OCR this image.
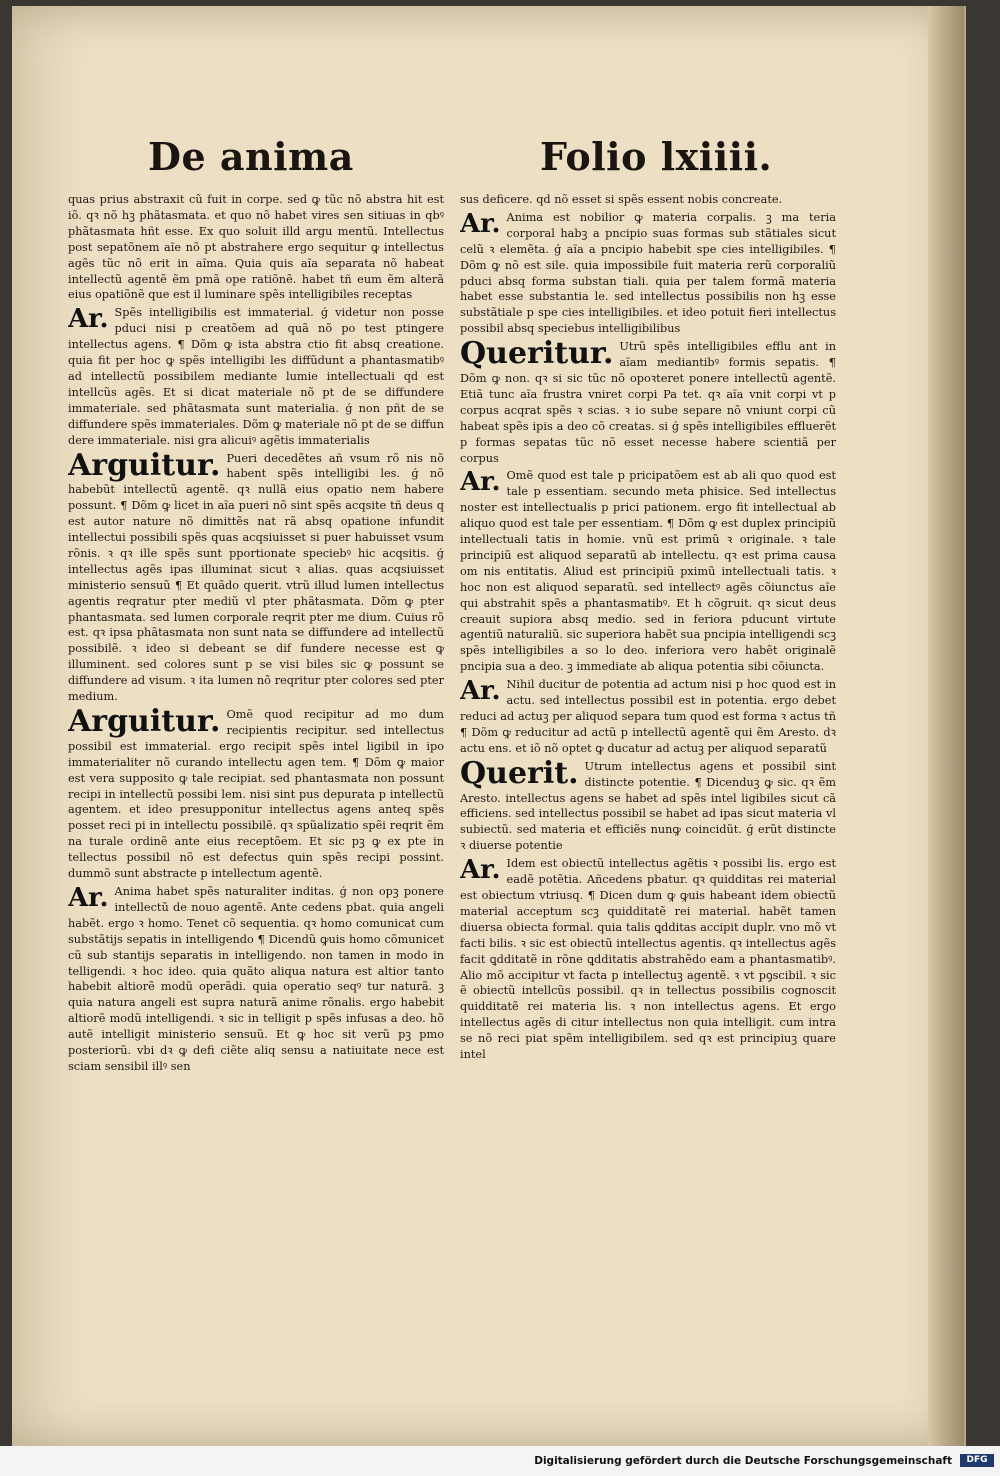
De anima	Folio lxiiii.

quas prius abstraxit cũ fuit in corpe. sed ꝙ tũc nõ abstra hit est iõ. qꝛ nõ hꝫ phãtasmata. et quo nõ habet vires sen sitiuas in qbꝰ phãtasmata hñt esse. Ex quo soluit illd argu mentũ. Intellectus post sepatõnem aĩe nõ pt abstrahere ergo sequitur ꝙ intellectus agẽs tũc nõ erit in aĩma. Quia quis aĩa separata nõ habeat intellectũ agentẽ ẽm pmã ope ratiõnẽ. habet tñ eum ẽm alterã eius opatiõnẽ que est il luminare spẽs intelligibiles receptas

Ar. Spẽs intelligibilis est immaterial. ǵ videtur non posse pduci nisi p creatõem ad quã nõ po test ptingere intellectus agens. ¶ Dõm ꝙ ista abstra ctio fit absq creatione. quia fit per hoc ꝙ spẽs intelligibi les diffũdunt a phantasmatibꝰ ad intellectũ possibilem mediante lumie intellectuali qd est intellcũs agẽs. Et si dicat materiale nõ pt de se diffundere immateriale. sed phãtasmata sunt materialia. ǵ non pñt de se diffundere spẽs immateriales. Dõm ꝙ materiale nõ pt de se diffun dere immateriale. nisi gra alicuiꝰ agẽtis immaterialis

Arguitur. Pueri decedẽtes añ vsum rõ nis nõ habent spẽs intelligibi les. ǵ nõ habebũt intellectũ agentẽ. qꝛ nullã eius opatio nem habere possunt. ¶ Dõm ꝙ licet in aĩa pueri nõ sint spẽs acqsite tñ deus q est autor nature nõ dimittẽs nat rã absq opatione infundit intellectui possibili spẽs quas acqsiuisset si puer habuisset vsum rõnis. ꝛ qꝛ ille spẽs sunt pportionate speciebꝰ hic acqsitis. ǵ intellectus agẽs ipas illuminat sicut ꝛ alias. quas acqsiuisset ministerio sensuũ ¶ Et quãdo querit. vtrũ illud lumen intellectus agentis reqratur pter mediũ vl pter phãtasmata. Dõm ꝙ pter phantasmata. sed lumen corporale reqrit pter me dium. Cuius rõ est. qꝛ ipsa phãtasmata non sunt nata se diffundere ad intellectũ possibilẽ. ꝛ ideo si debeant se dif fundere necesse est ꝙ illuminent. sed colores sunt p se visi biles sic ꝙ possunt se diffundere ad visum. ꝛ ita lumen nõ reqritur pter colores sed pter medium.

Arguitur. Omẽ quod recipitur ad mo dum recipientis recipitur. sed intellectus possibil est immaterial. ergo recipit spẽs intel ligibil in ipo immaterialiter nõ curando intellectu agen tem. ¶ Dõm ꝙ maior est vera supposito ꝙ tale recipiat. sed phantasmata non possunt recipi in intellectũ possibi lem. nisi sint pus depurata p intellectũ agentem. et ideo presupponitur intellectus agens anteq spẽs posset reci pi in intellectu possibilẽ. qꝛ spũalizatio spẽi reqrit ẽm na turale ordinẽ ante eius receptõem. Et sic pꝫ ꝙ ex pte in tellectus possibil nõ est defectus quin spẽs recipi possint. dummõ sunt abstracte p intellectum agentẽ.

Ar. Anima habet spẽs naturaliter inditas. ǵ non opꝫ ponere intellectũ de nouo agentẽ. Ante cedens pbat. quia angeli habẽt. ergo ꝛ homo. Tenet cõ sequentia. qꝛ homo comunicat cum substãtijs sepatis in intelligendo ¶ Dicendũ ꝙuis homo cõmunicet cũ sub stantijs separatis in intelligendo. non tamen in modo in telligendi. ꝛ hoc ideo. quia quãto aliqua natura est altior tanto habebit altiorẽ modũ operãdi. quia operatio seqꝰ tur naturã. ꝫ quia natura angeli est supra naturã anime rõnalis. ergo habebit altiorẽ modũ intelligendi. ꝛ sic in telligit p spẽs infusas a deo. hõ autẽ intelligit ministerio sensuũ. Et ꝙ hoc sit verũ pꝫ pmo posteriorũ. vbi dꝛ ꝙ defi ciẽte aliq sensu a natiuitate nece est sciam sensibil illꝰ sen

sus deficere. qd nõ esset si spẽs essent nobis concreate.

Ar. Anima est nobilior ꝙ materia corpalis. ꝫ ma teria corporal habꝫ a pncipio suas formas sub stãtiales sicut celũ ꝛ elemẽta. ǵ aĩa a pncipio habebit spe cies intelligibiles. ¶ Dõm ꝙ nõ est sile. quia impossibile fuit materia rerũ corporaliũ pduci absq forma substan tiali. quia per talem formã materia habet esse substantia le. sed intellectus possibilis non hꝫ esse substãtiale p spe cies intelligibiles. et ideo potuit fieri intellectus possibil absq speciebus intelligibilibus

Queritur. Utrũ spẽs intelligibiles efflu ant in aĩam mediantibꝰ formis sepatis. ¶ Dõm ꝙ non. qꝛ si sic tũc nõ opoꝛteret ponere intellectũ agentẽ. Etiã tunc aĩa frustra vniret corpi Pa tet. qꝛ aĩa vnit corpi vt p corpus acqrat spẽs ꝛ scias. ꝛ io sube separe nõ vniunt corpi cũ habeat spẽs ipis a deo cõ creatas. si ǵ spẽs intelligibiles effluerẽt p formas sepatas tũc nõ esset necesse habere scientiã per corpus

Ar. Omẽ quod est tale p pricipatõem est ab ali quo quod est tale p essentiam. secundo meta phisice. Sed intellectus noster est intellectualis p prici pationem. ergo fit intellectual ab aliquo quod est tale per essentiam. ¶ Dõm ꝙ est duplex principiũ intellectuali tatis in homie. vnũ est primũ ꝛ originale. ꝛ tale principiũ est aliquod separatũ ab intellectu. qꝛ est prima causa om nis entitatis. Aliud est principiũ pximũ intellectuali tatis. ꝛ hoc non est aliquod separatũ. sed intellectꝰ agẽs cõiunctus aĩe qui abstrahit spẽs a phantasmatibꝰ. Et h cõgruit. qꝛ sicut deus creauit supiora absq medio. sed in feriora pducunt virtute agentiũ naturaliũ. sic superiora habẽt sua pncipia intelligendi scꝫ spẽs intelligibiles a so lo deo. inferiora vero habẽt originalẽ pncipia sua a deo. ꝫ immediate ab aliqua potentia sibi cõiuncta.

Ar. Nihil ducitur de potentia ad actum nisi p hoc quod est in actu. sed intellectus possibil est in potentia. ergo debet reduci ad actuꝫ per aliquod separa tum quod est forma ꝛ actus tñ ¶ Dõm ꝙ reducitur ad actũ p intellectũ agentẽ qui ẽm Aresto. dꝛ actu ens. et iõ nõ optet ꝙ ducatur ad actuꝫ per aliquod separatũ

Querit. Utrum intellectus agens et possibil sint distincte potentie. ¶ Dicenduꝫ ꝙ sic. qꝛ ẽm Aresto. intellectus agens se habet ad spẽs intel ligibiles sicut cã efficiens. sed intellectus possibil se habet ad ipas sicut materia vl subiectũ. sed materia et efficiẽs nunꝙ coincidũt. ǵ erũt distincte ꝛ diuerse potentie

Ar. Idem est obiectũ intellectus agẽtis ꝛ possibi lis. ergo est eadẽ potẽtia. Añcedens pbatur. qꝛ quidditas rei material est obiectum vtriusq. ¶ Dicen dum ꝙ ꝙuis habeant idem obiectũ material acceptum scꝫ quidditatẽ rei material. habẽt tamen diuersa obiecta formal. quia talis ꝗdditas accipit duplr. vno mõ vt facti bilis. ꝛ sic est obiectũ intellectus agentis. qꝛ intellectus agẽs facit ꝗdditatẽ in rõne ꝗdditatis abstrahẽdo eam a phantasmatibꝰ. Alio mõ accipitur vt facta p intellectuꝫ agentẽ. ꝛ vt pꝯscibil. ꝛ sic ẽ obiectũ intellcũs possibil. qꝛ in tellectus possibilis cognoscit quidditatẽ rei materia lis. ꝛ non intellectus agens. Et ergo intellectus agẽs di citur intellectus non quia intelligit. cum intra se nõ reci piat spẽm intelligibilem. sed qꝛ est principiuꝫ quare intel

Digitalisierung gefördert durch die Deutsche Forschungsgemeinschaft	DFG
